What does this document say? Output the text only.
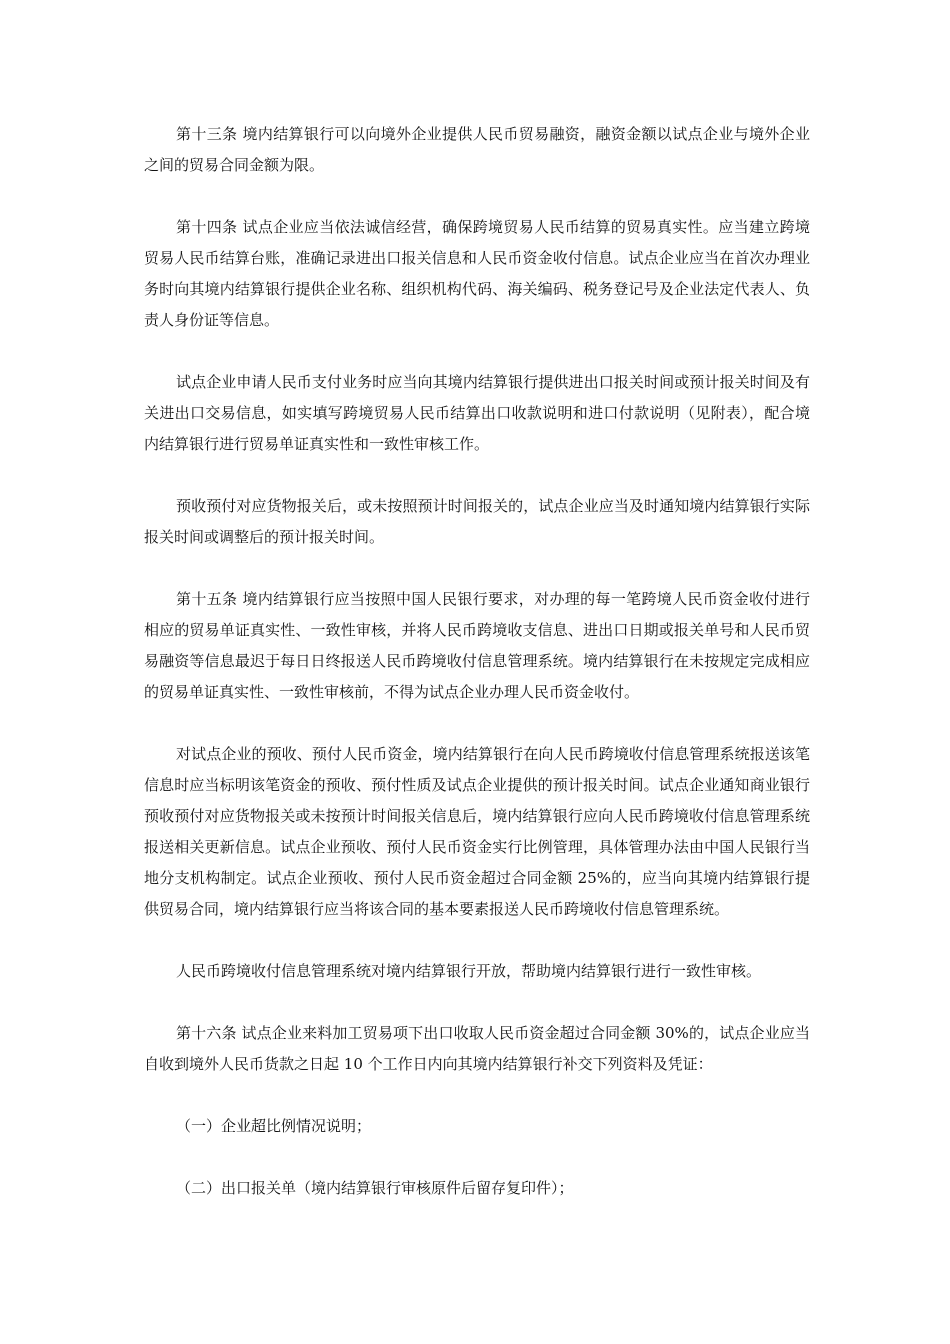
第十三条 境内结算银行可以向境外企业提供人民币贸易融资，融资金额以试点企业与境外企业之间的贸易合同金额为限。

第十四条 试点企业应当依法诚信经营，确保跨境贸易人民币结算的贸易真实性。应当建立跨境贸易人民币结算台账，准确记录进出口报关信息和人民币资金收付信息。试点企业应当在首次办理业务时向其境内结算银行提供企业名称、组织机构代码、海关编码、税务登记号及企业法定代表人、负责人身份证等信息。

试点企业申请人民币支付业务时应当向其境内结算银行提供进出口报关时间或预计报关时间及有关进出口交易信息，如实填写跨境贸易人民币结算出口收款说明和进口付款说明（见附表），配合境内结算银行进行贸易单证真实性和一致性审核工作。

预收预付对应货物报关后，或未按照预计时间报关的，试点企业应当及时通知境内结算银行实际报关时间或调整后的预计报关时间。

第十五条 境内结算银行应当按照中国人民银行要求，对办理的每一笔跨境人民币资金收付进行相应的贸易单证真实性、一致性审核，并将人民币跨境收支信息、进出口日期或报关单号和人民币贸易融资等信息最迟于每日日终报送人民币跨境收付信息管理系统。境内结算银行在未按规定完成相应的贸易单证真实性、一致性审核前，不得为试点企业办理人民币资金收付。

对试点企业的预收、预付人民币资金，境内结算银行在向人民币跨境收付信息管理系统报送该笔信息时应当标明该笔资金的预收、预付性质及试点企业提供的预计报关时间。试点企业通知商业银行预收预付对应货物报关或未按预计时间报关信息后，境内结算银行应向人民币跨境收付信息管理系统报送相关更新信息。试点企业预收、预付人民币资金实行比例管理，具体管理办法由中国人民银行当地分支机构制定。试点企业预收、预付人民币资金超过合同金额 25%的，应当向其境内结算银行提供贸易合同，境内结算银行应当将该合同的基本要素报送人民币跨境收付信息管理系统。

人民币跨境收付信息管理系统对境内结算银行开放，帮助境内结算银行进行一致性审核。

第十六条 试点企业来料加工贸易项下出口收取人民币资金超过合同金额 30%的，试点企业应当自收到境外人民币货款之日起 10 个工作日内向其境内结算银行补交下列资料及凭证：

（一）企业超比例情况说明；

（二）出口报关单（境内结算银行审核原件后留存复印件）；
